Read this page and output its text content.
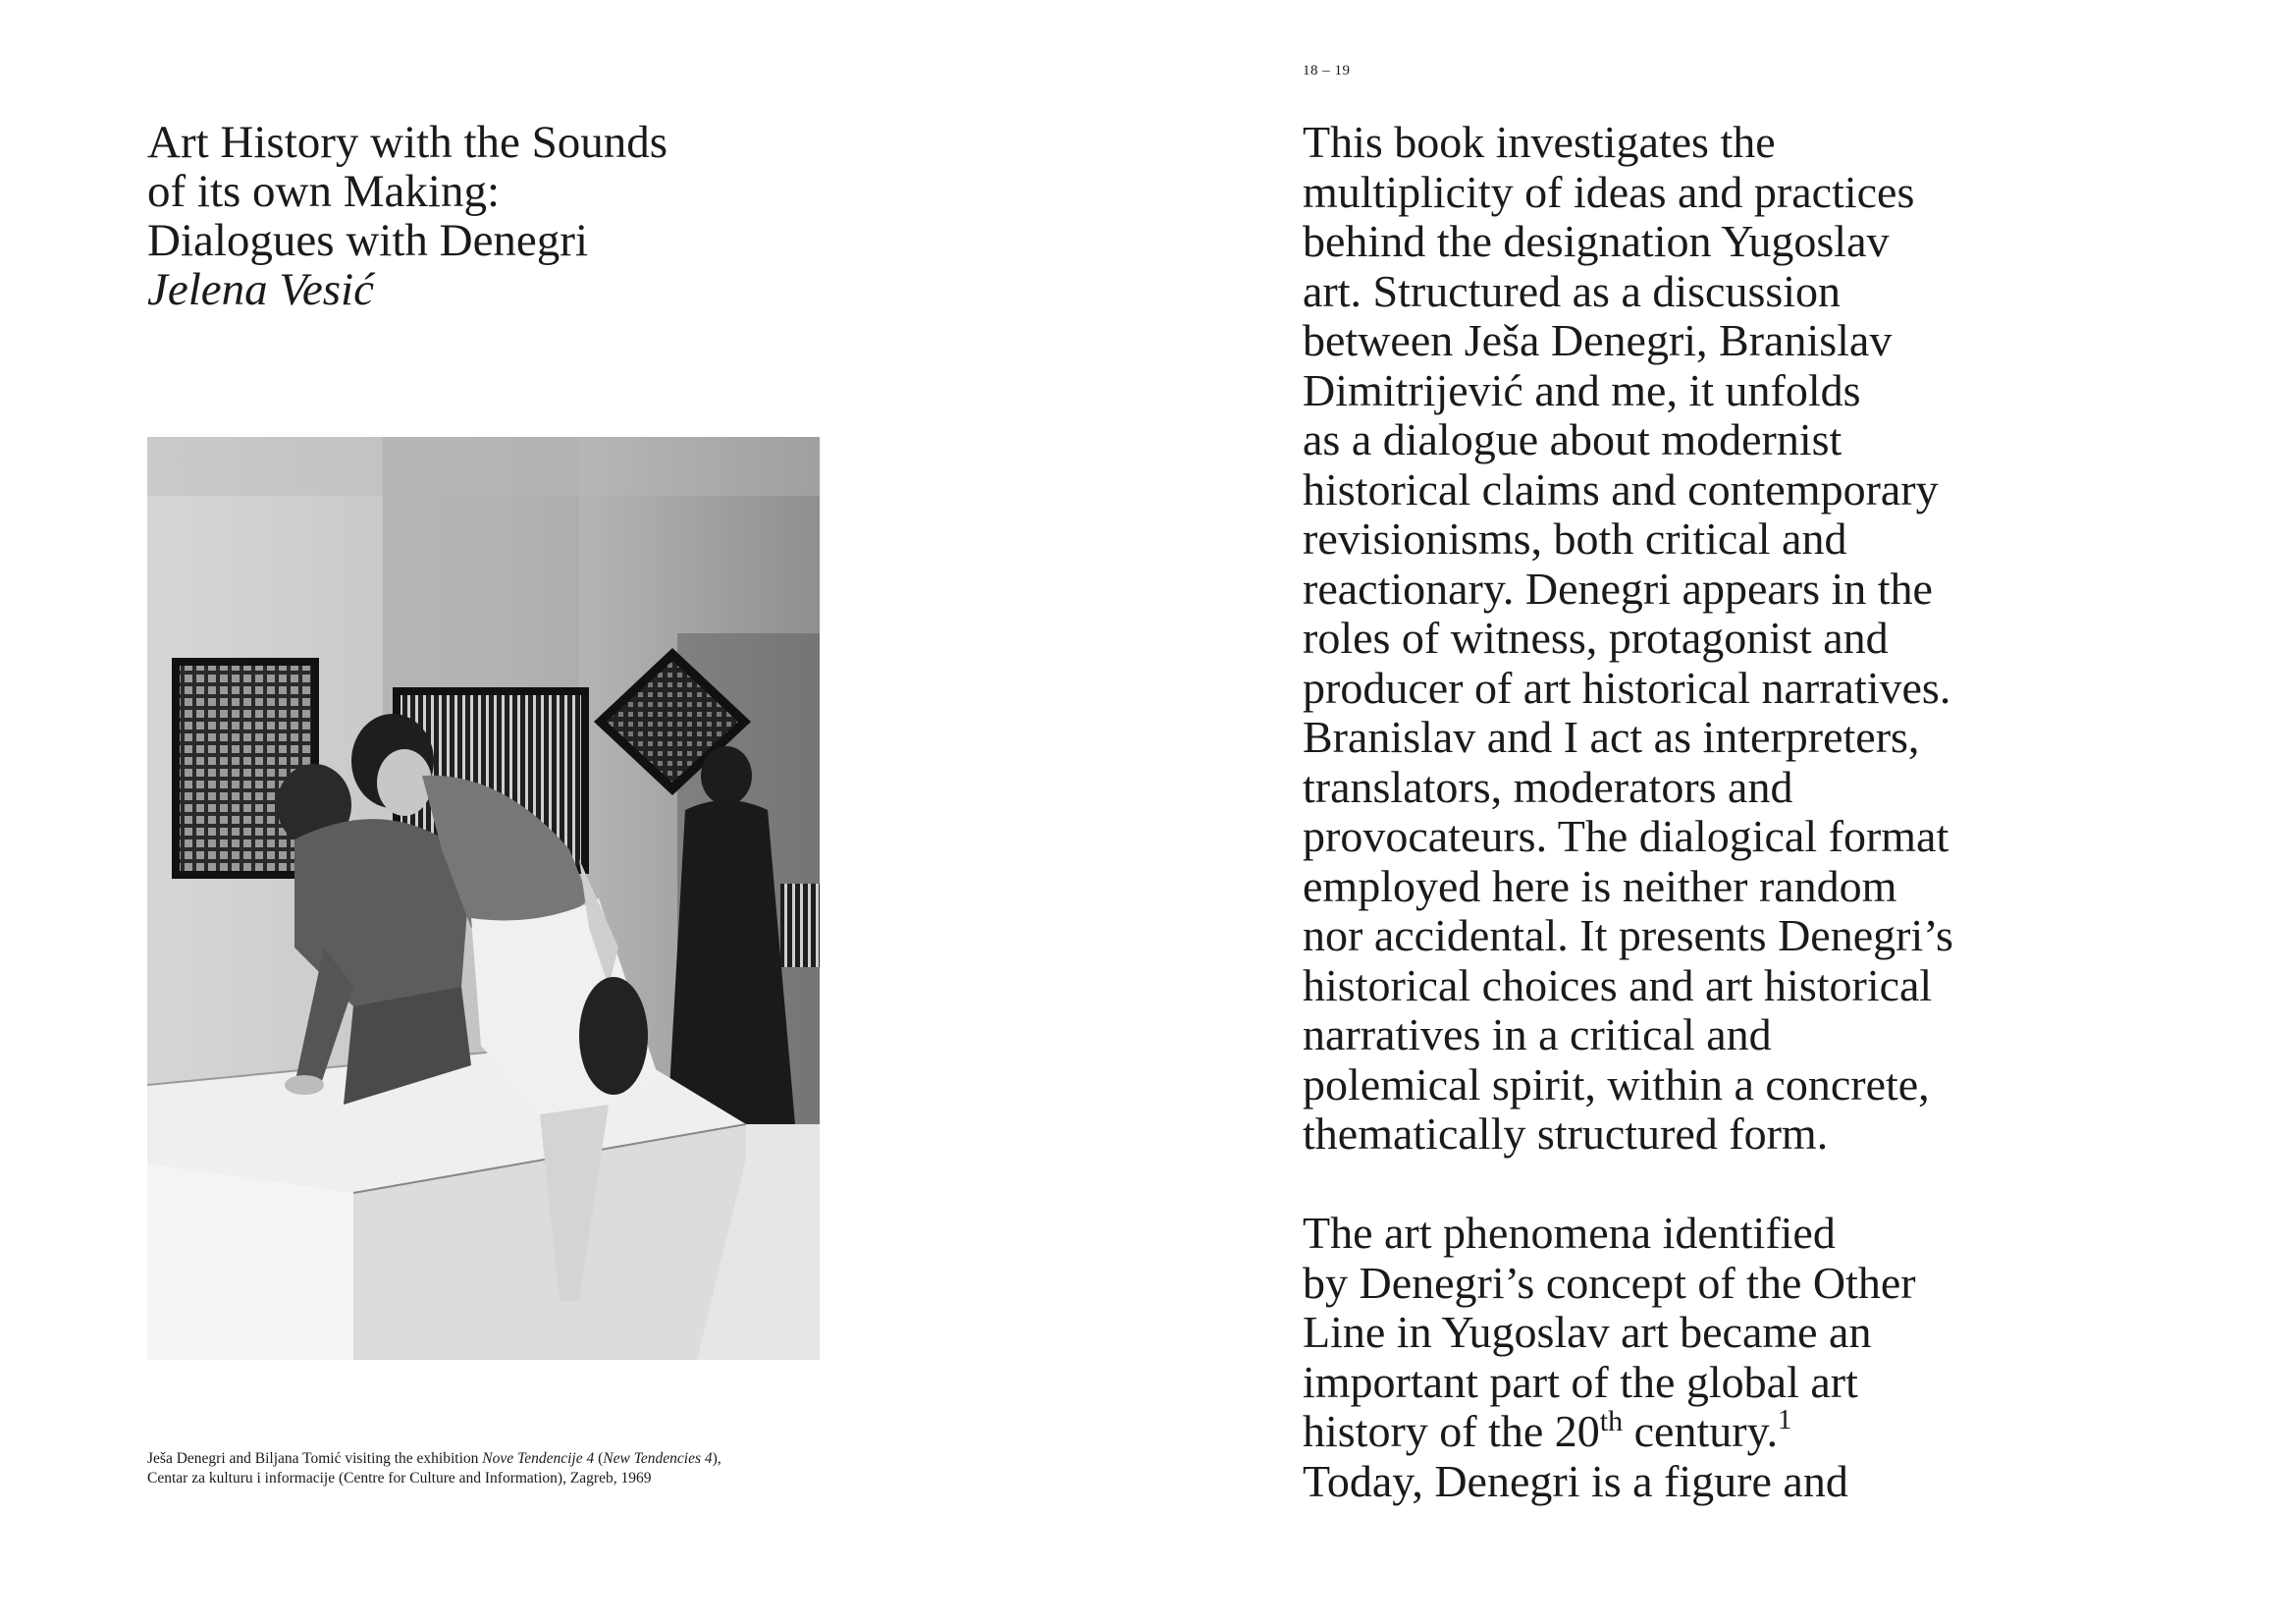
Art History with the Sounds
of its own Making:
Dialogues with Denegri
Jelena Vesić
Ješa Denegri and Biljana Tomić visiting the exhibition Nove Tendencije 4 (New Tendencies 4),
Centar za kulturu i informacije (Centre for Culture and Information), Zagreb, 1969
18 – 19
This book investigates the
multiplicity of ideas and practices
behind the designation Yugoslav
art. Structured as a discussion
between Ješa Denegri, Branislav
Dimitrijević and me, it unfolds
as a dialogue about modernist
historical claims and contemporary
revisionisms, both critical and
reactionary. Denegri appears in the
roles of witness, protagonist and
producer of art historical narratives.
Branislav and I act as interpreters,
translators, moderators and
provocateurs. The dialogical format
employed here is neither random
nor accidental. It presents Denegri’s
historical choices and art historical
narratives in a critical and
polemical spirit, within a concrete,
thematically structured form.
The art phenomena identified
by Denegri’s concept of the Other
Line in Yugoslav art became an
important part of the global art
history of the 20th century.$^1$
Today, Denegri is a figure and
